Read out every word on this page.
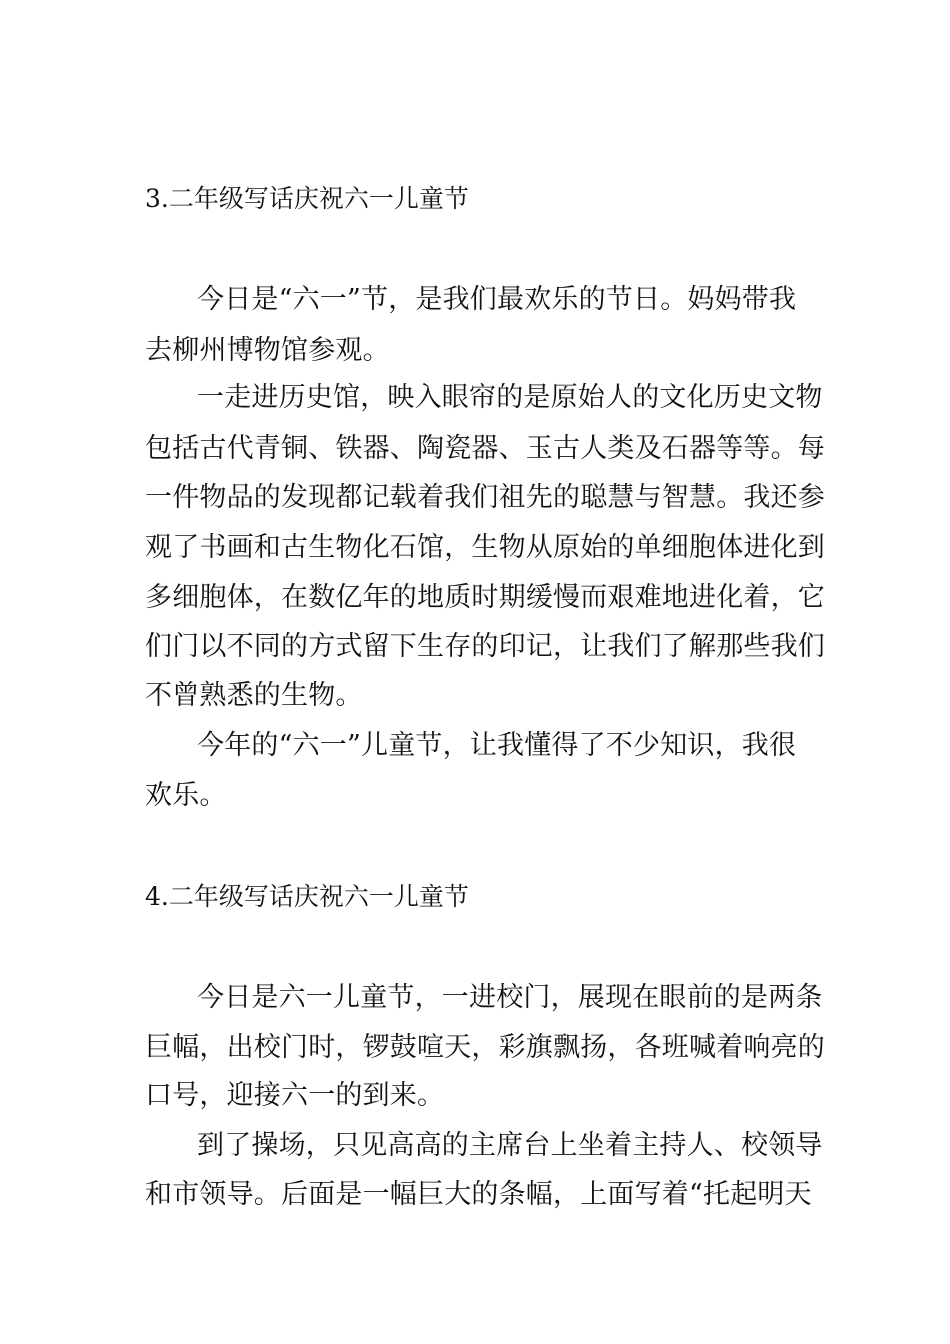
3.二年级写话庆祝六一儿童节

今日是“六一”节，是我们最欢乐的节日。妈妈带我

去柳州博物馆参观。

一走进历史馆，映入眼帘的是原始人的文化历史文物

包括古代青铜、铁器、陶瓷器、玉古人类及石器等等。每

一件物品的发现都记载着我们祖先的聪慧与智慧。我还参

观了书画和古生物化石馆，生物从原始的单细胞体进化到

多细胞体，在数亿年的地质时期缓慢而艰难地进化着，它

们门以不同的方式留下生存的印记，让我们了解那些我们

不曾熟悉的生物。

今年的“六一”儿童节，让我懂得了不少知识，我很

欢乐。

4.二年级写话庆祝六一儿童节

今日是六一儿童节，一进校门，展现在眼前的是两条

巨幅，出校门时，锣鼓喧天，彩旗飘扬，各班喊着响亮的

口号，迎接六一的到来。

到了操场，只见高高的主席台上坐着主持人、校领导

和市领导。后面是一幅巨大的条幅，上面写着“托起明天
